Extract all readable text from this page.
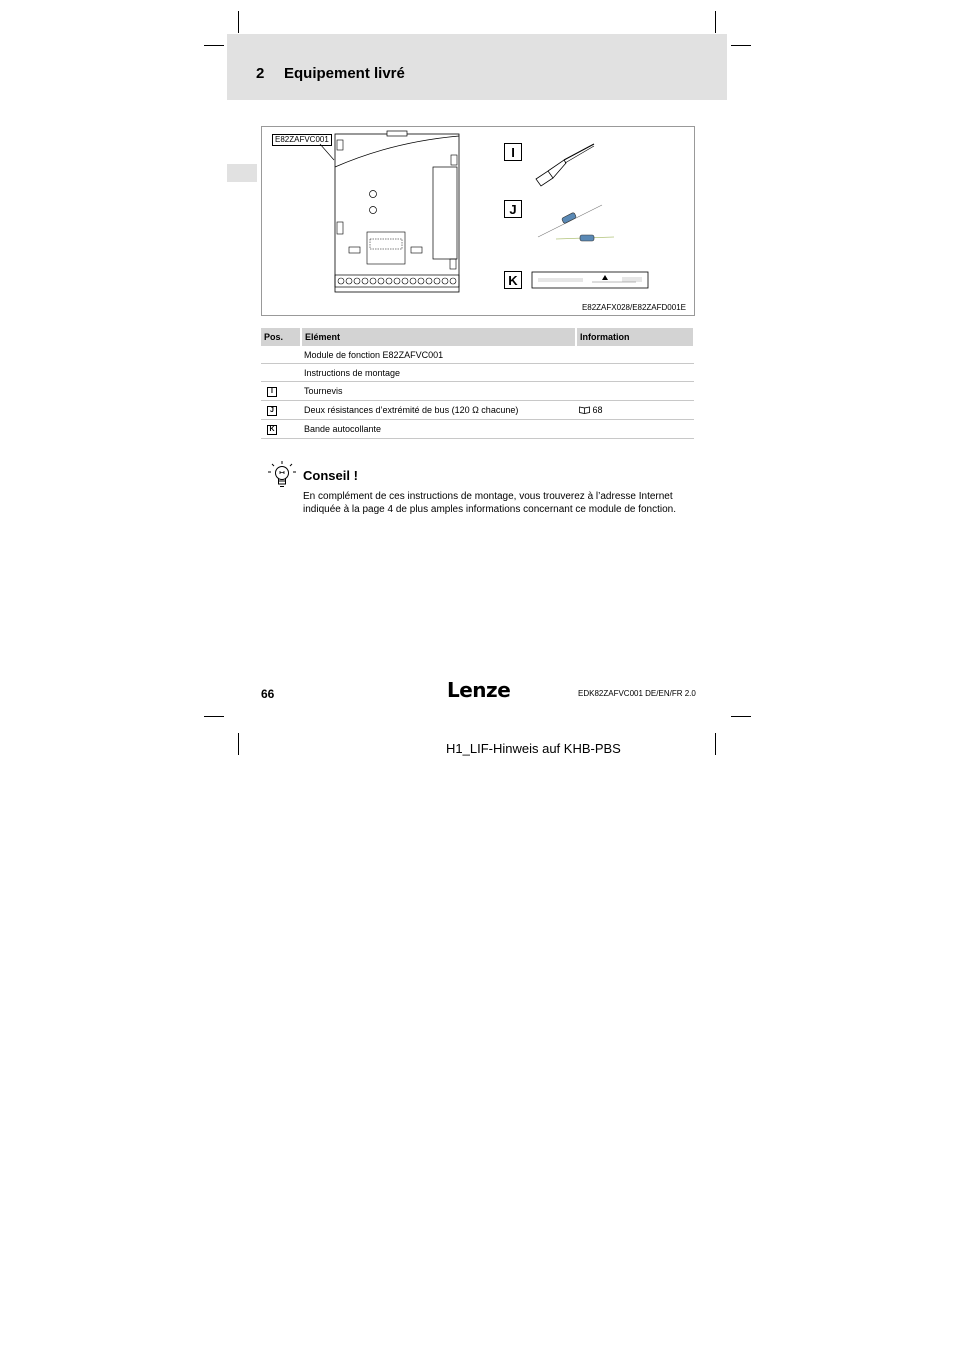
2 Equipement livré
E82ZAFVC001
I
J
K
E82ZAFX028/E82ZAFD001E
Pos.	Elément	Information
	Module de fonction E82ZAFVC001	
	Instructions de montage	
I	Tournevis	
J	Deux résistances d’extrémité de bus (120 Ω chacune)	68
K	Bande autocollante	
Conseil !
En complément de ces instructions de montage, vous trouverez à l’adresse Internet indiquée à la page 4 de plus amples informations concernant ce module de fonction.
66	Lenze	EDK82ZAFVC001 DE/EN/FR 2.0
H1_LIF-Hinweis auf KHB-PBS
